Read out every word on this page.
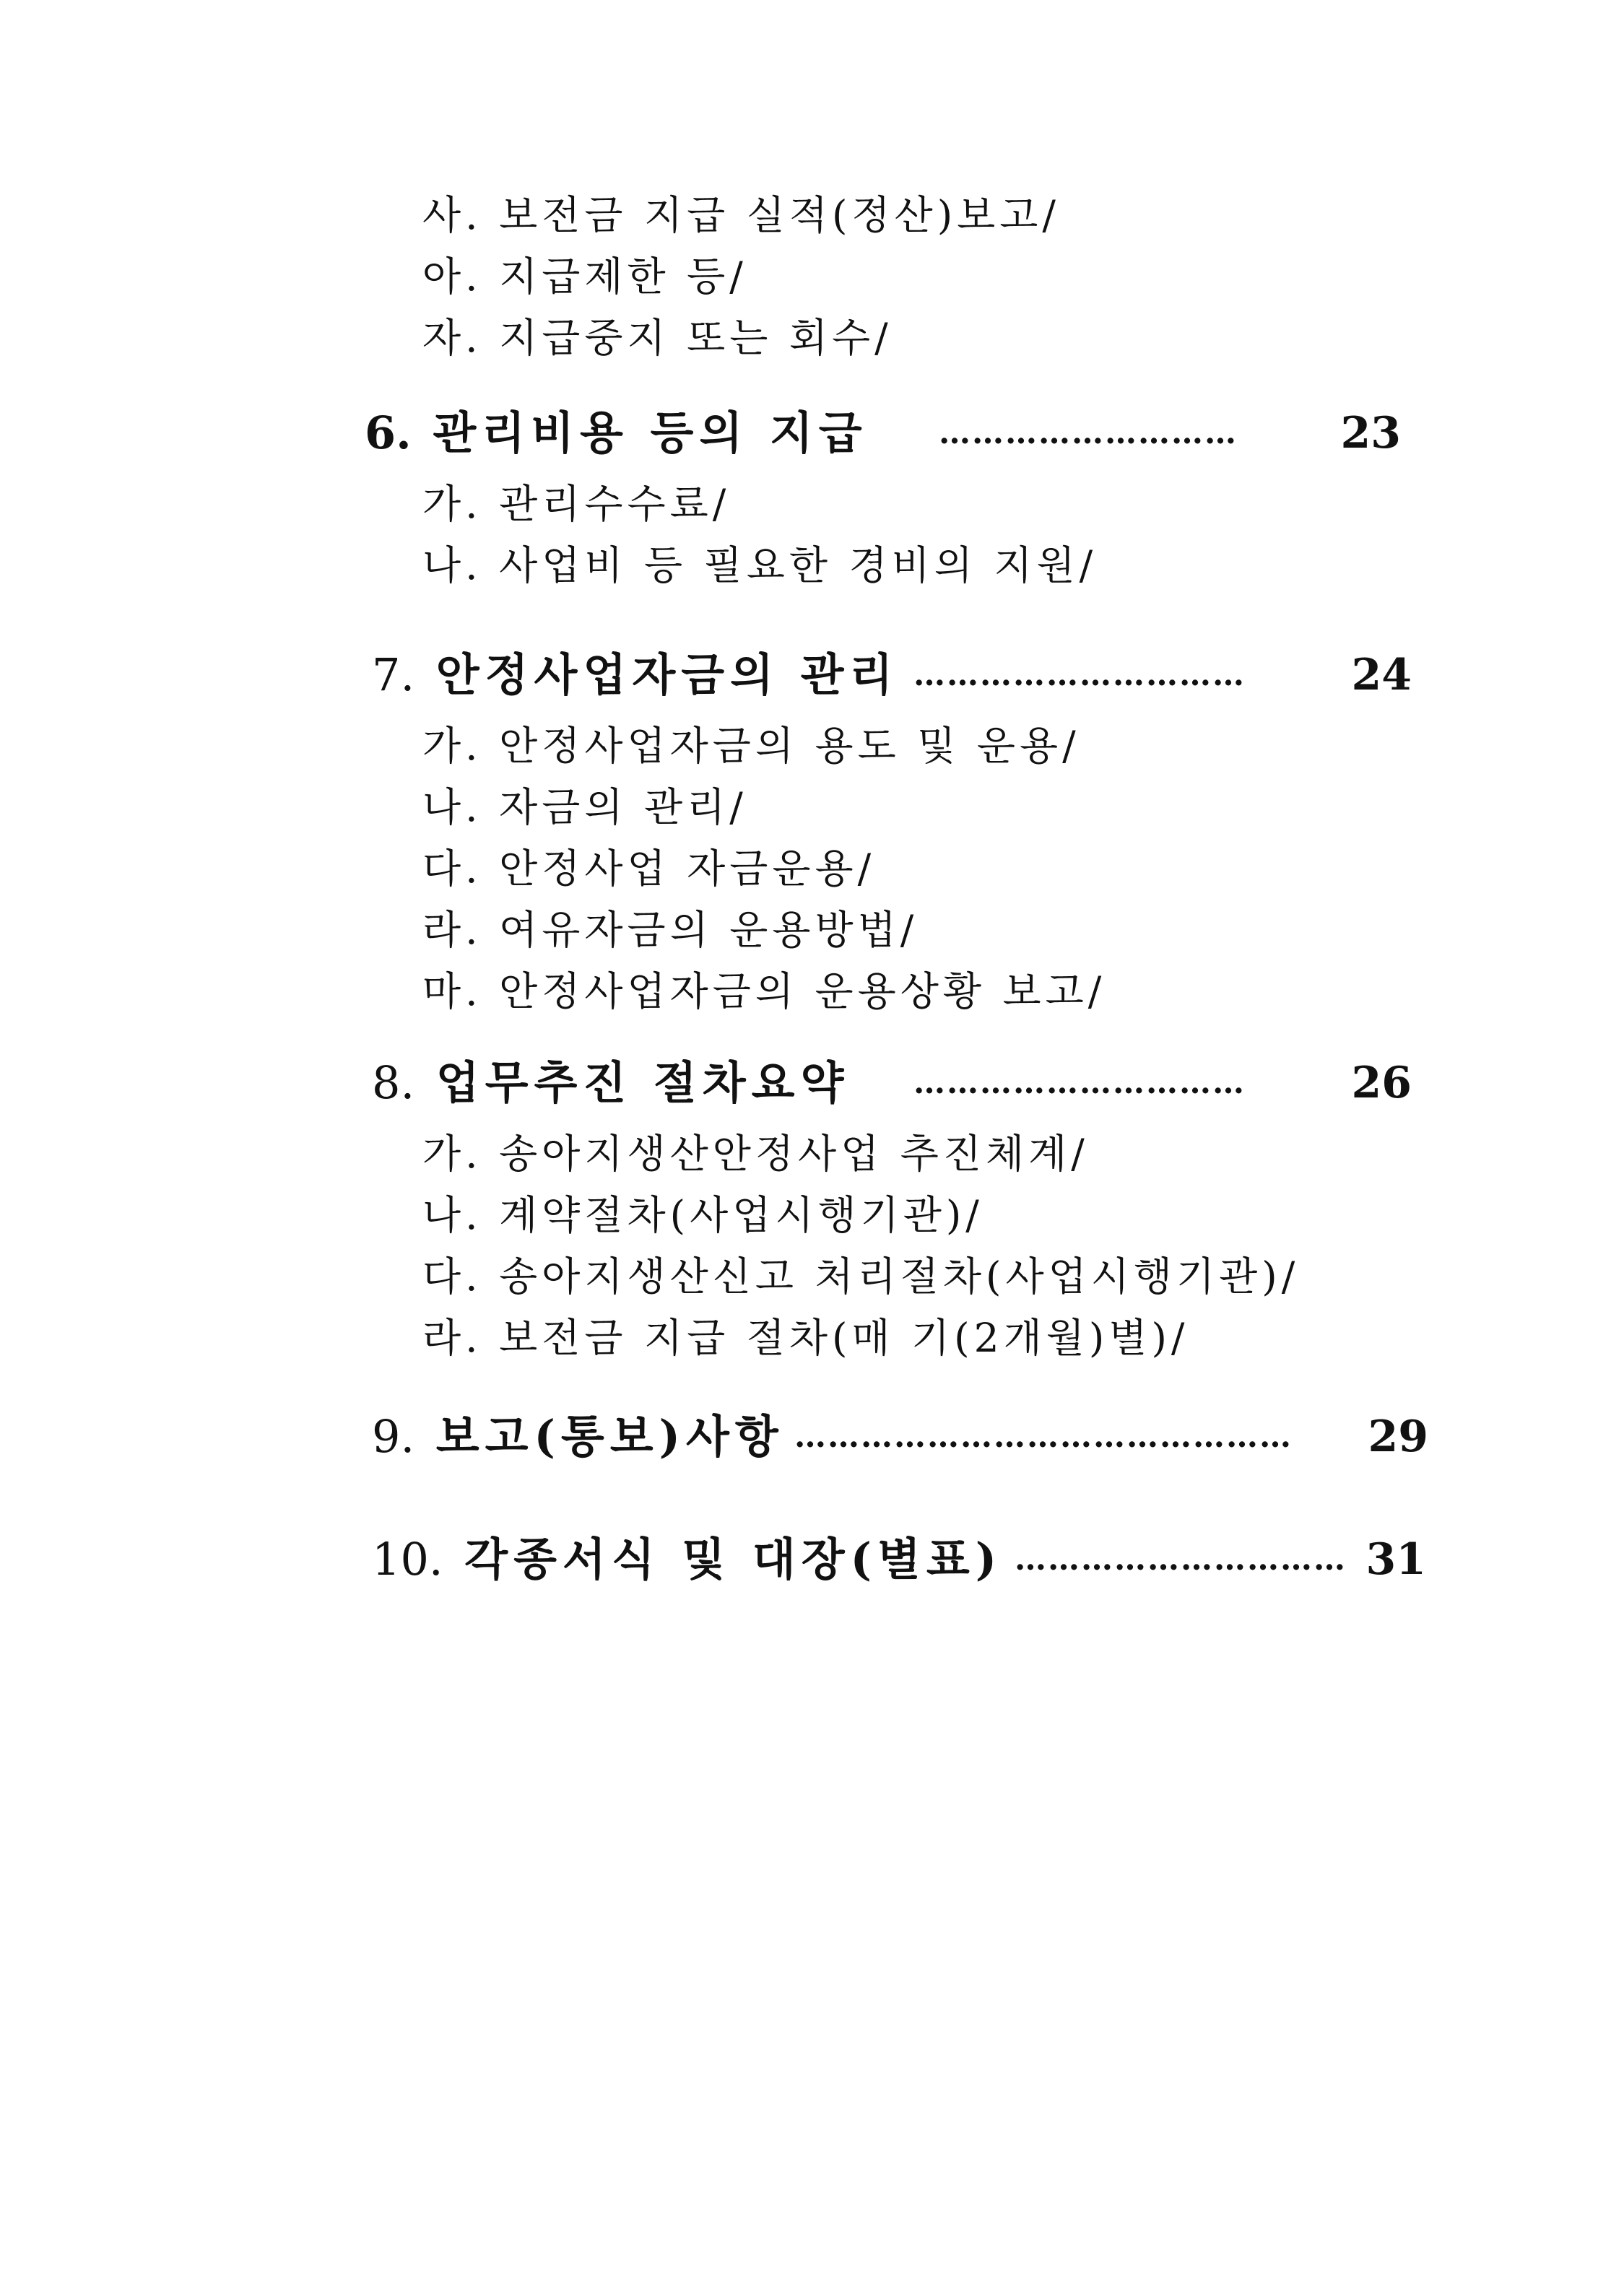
사. 보전금 지급 실적(정산)보고/
아. 지급제한 등/
자. 지급중지 또는 회수/
6. 관리비용 등의 지급 ………………………	23
가. 관리수수료/
나. 사업비 등 필요한 경비의 지원/
7. 안정사업자금의 관리 …………………………	24
가. 안정사업자금의 용도 및 운용/
나. 자금의 관리/
다. 안정사업 자금운용/
라. 여유자금의 운용방법/
마. 안정사업자금의 운용상황 보고/
8. 업무추진 절차요약 …………………………	26
가. 송아지생산안정사업 추진체계/
나. 계약절차(사업시행기관)/
다. 송아지생산신고 처리절차(사업시행기관)/
라. 보전금 지급 절차(매 기(2개월)별)/
9. 보고(통보)사항 ………………………………………	29
10. 각종서식 및 대장(별표) ………………………… 31
